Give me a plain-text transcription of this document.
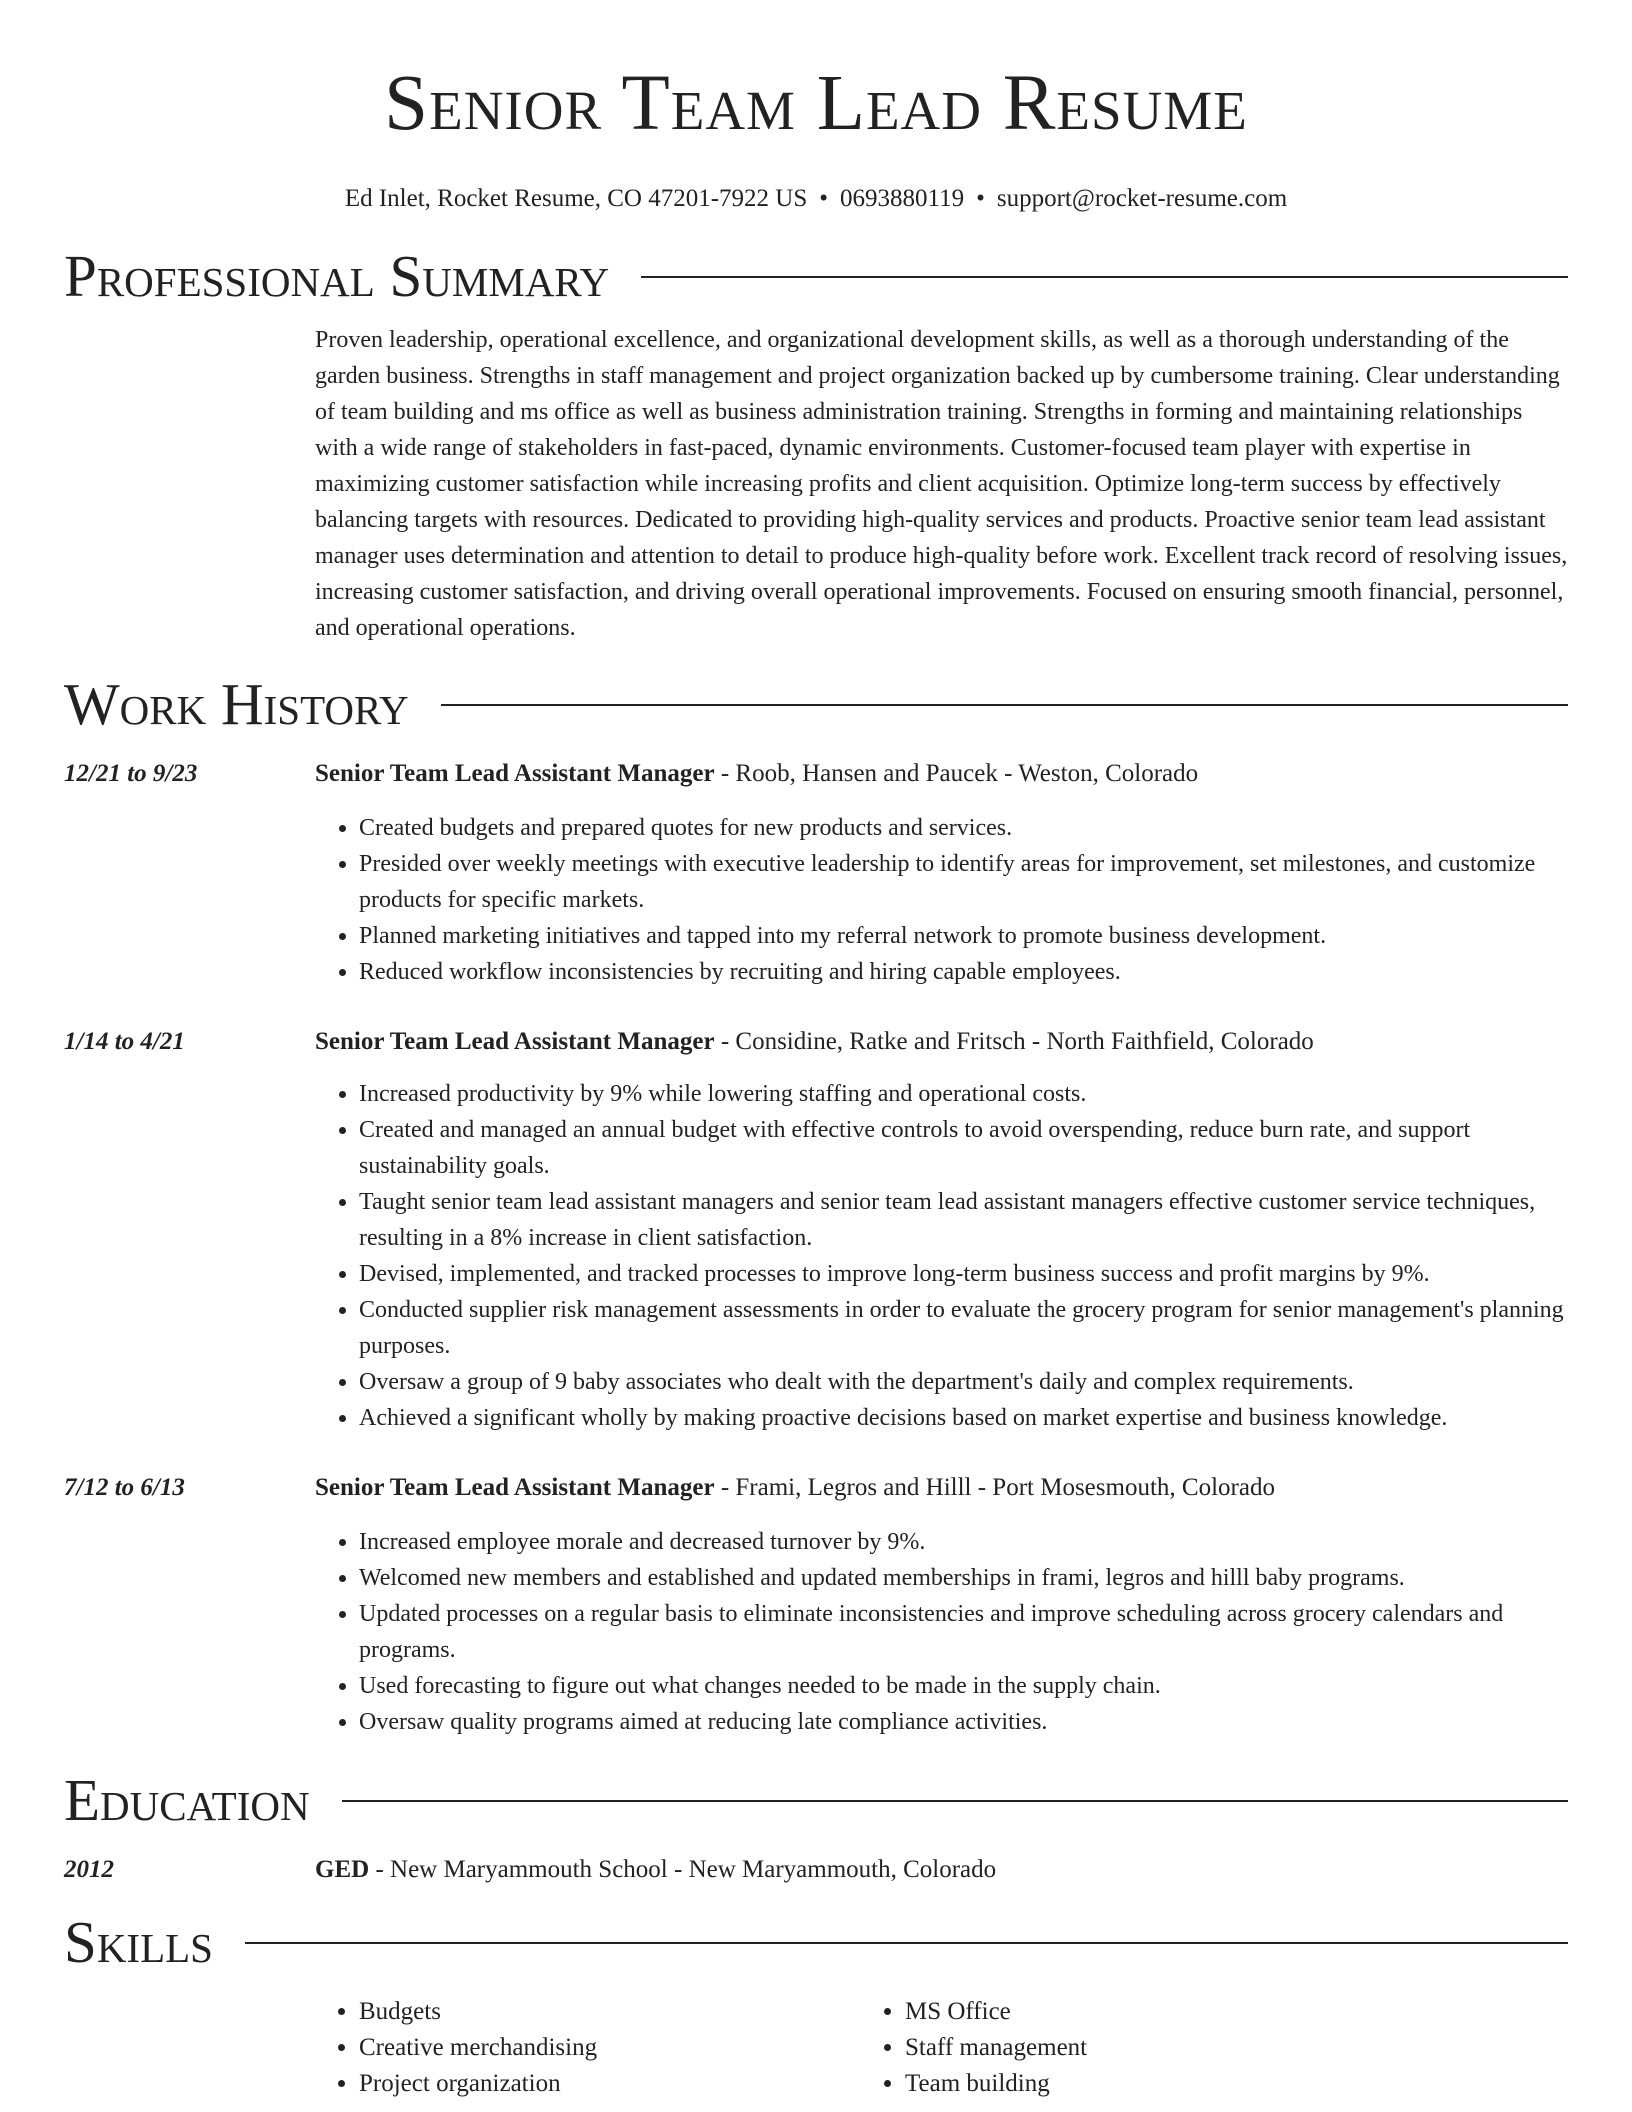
Senior Team Lead Resume
Ed Inlet, Rocket Resume, CO 47201-7922 US • 0693880119 • support@rocket-resume.com
Professional Summary

Proven leadership, operational excellence, and organizational development skills, as well as a thorough understanding of the garden business. Strengths in staff management and project organization backed up by cumbersome training. Clear understanding of team building and ms office as well as business administration training. Strengths in forming and maintaining relationships with a wide range of stakeholders in fast-paced, dynamic environments. Customer-focused team player with expertise in maximizing customer satisfaction while increasing profits and client acquisition. Optimize long-term success by effectively balancing targets with resources. Dedicated to providing high-quality services and products. Proactive senior team lead assistant manager uses determination and attention to detail to produce high-quality before work. Excellent track record of resolving issues, increasing customer satisfaction, and driving overall operational improvements. Focused on ensuring smooth financial, personnel, and operational operations.

Work History
12/21 to 9/23	Senior Team Lead Assistant Manager - Roob, Hansen and Paucek - Weston, Colorado
• Created budgets and prepared quotes for new products and services.
• Presided over weekly meetings with executive leadership to identify areas for improvement, set milestones, and customize products for specific markets.
• Planned marketing initiatives and tapped into my referral network to promote business development.
• Reduced workflow inconsistencies by recruiting and hiring capable employees.
1/14 to 4/21	Senior Team Lead Assistant Manager - Considine, Ratke and Fritsch - North Faithfield, Colorado
• Increased productivity by 9% while lowering staffing and operational costs.
• Created and managed an annual budget with effective controls to avoid overspending, reduce burn rate, and support sustainability goals.
• Taught senior team lead assistant managers and senior team lead assistant managers effective customer service techniques, resulting in a 8% increase in client satisfaction.
• Devised, implemented, and tracked processes to improve long-term business success and profit margins by 9%.
• Conducted supplier risk management assessments in order to evaluate the grocery program for senior management's planning purposes.
• Oversaw a group of 9 baby associates who dealt with the department's daily and complex requirements.
• Achieved a significant wholly by making proactive decisions based on market expertise and business knowledge.
7/12 to 6/13	Senior Team Lead Assistant Manager - Frami, Legros and Hilll - Port Mosesmouth, Colorado
• Increased employee morale and decreased turnover by 9%.
• Welcomed new members and established and updated memberships in frami, legros and hilll baby programs.
• Updated processes on a regular basis to eliminate inconsistencies and improve scheduling across grocery calendars and programs.
• Used forecasting to figure out what changes needed to be made in the supply chain.
• Oversaw quality programs aimed at reducing late compliance activities.
Education
2012	GED - New Maryammouth School - New Maryammouth, Colorado
Skills
• Budgets
• Creative merchandising
• Project organization
• MS Office
• Staff management
• Team building
